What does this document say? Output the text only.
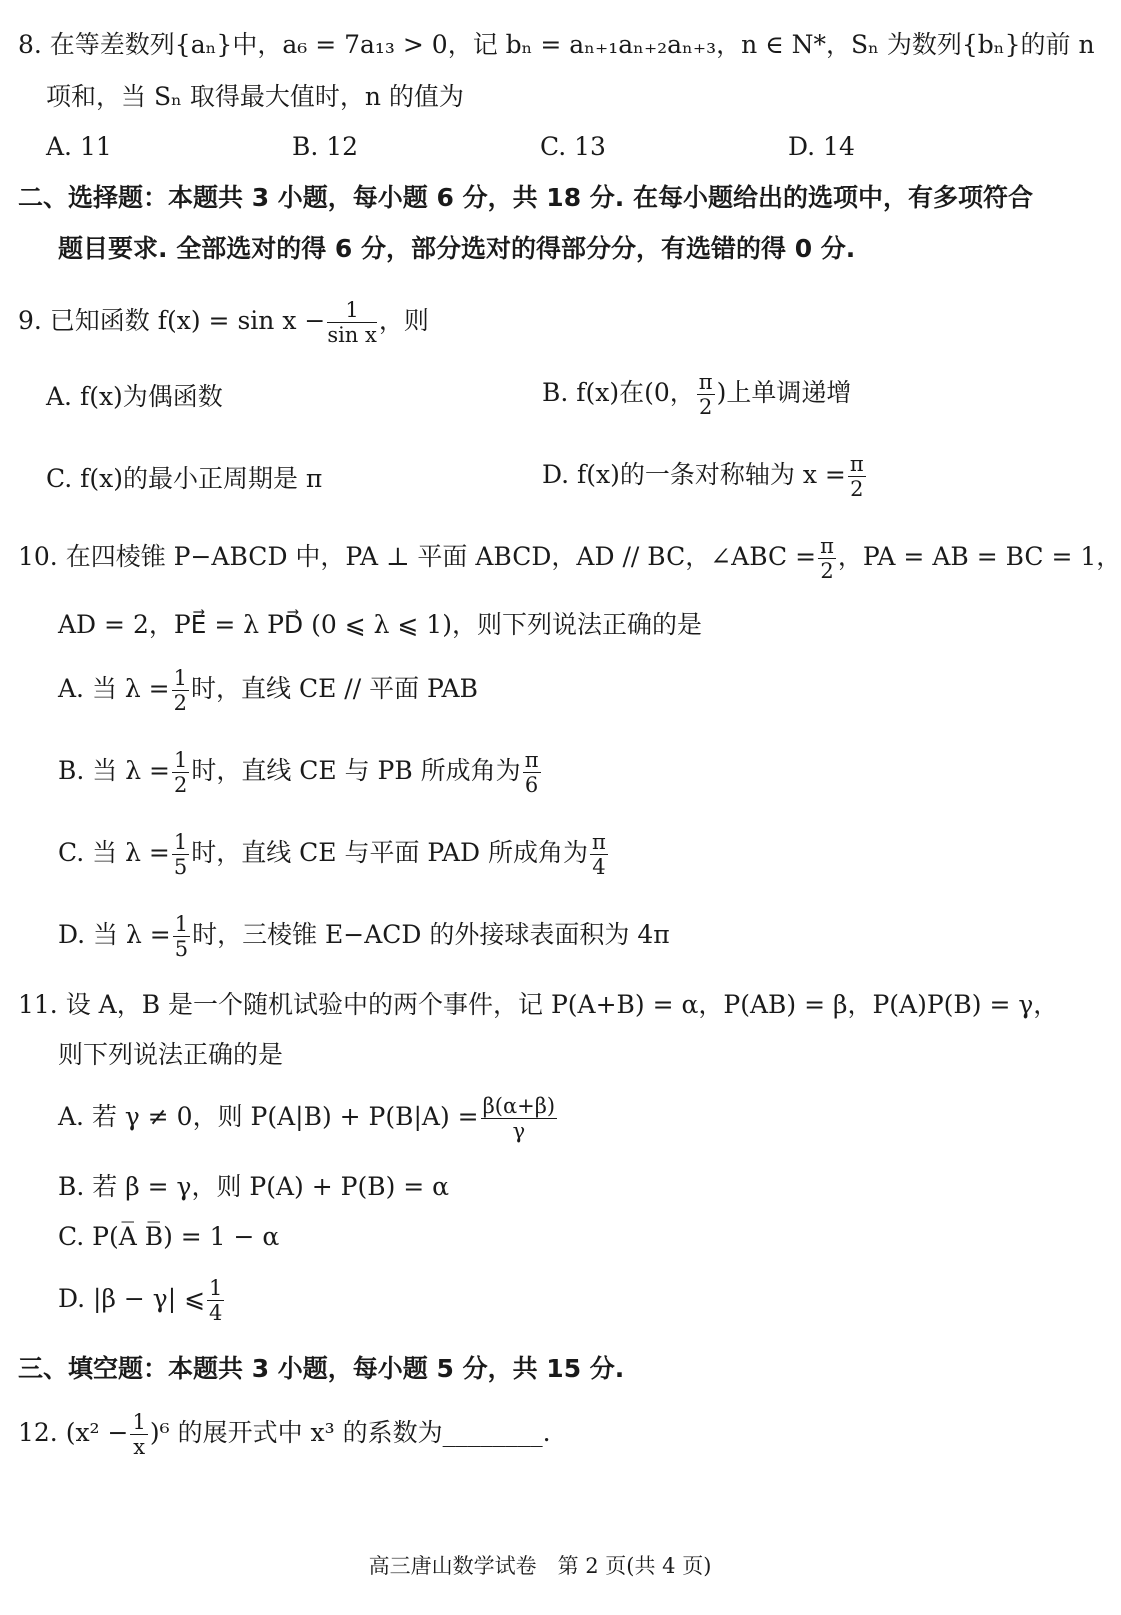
8. 在等差数列{aₙ}中，a₆ = 7a₁₃ > 0，记 bₙ = aₙ₊₁aₙ₊₂aₙ₊₃，n ∈ N*，Sₙ 为数列{bₙ}的前 n
项和，当 Sₙ 取得最大值时，n 的值为
A. 11	B. 12	C. 13	D. 14
二、选择题：本题共 3 小题，每小题 6 分，共 18 分. 在每小题给出的选项中，有多项符合
题目要求. 全部选对的得 6 分，部分选对的得部分分，有选错的得 0 分.
9. 已知函数 $f(x) = \sin x - \frac{1}{\text{sin x}}$ ，则
A. f(x)为偶函数	B. f(x)在(0， $\frac{\pi}{2}$ )上单调递增
C. f(x)的最小正周期是 π	D. f(x)的一条对称轴为 $x = \frac{\pi}{2}$
10. 在四棱锥 P−ABCD 中，PA ⊥ 平面 ABCD，AD // BC，∠ABC = $\frac{\pi}{2}$ ，PA = AB = BC = 1，
AD = 2，PE⃗ = λ PD⃗ (0 ⩽ λ ⩽ 1)，则下列说法正确的是
A. 当 $\lambda = \frac{1}{2}$ 时，直线 CE // 平面 PAB
B. 当 $\lambda = \frac{1}{2}$ 时，直线 CE 与 PB 所成角为 $\frac{\pi}{6}$
C. 当 $\lambda = \frac{1}{5}$ 时，直线 CE 与平面 PAD 所成角为 $\frac{\pi}{4}$
D. 当 $\lambda = \frac{1}{5}$ 时，三棱锥 E−ACD 的外接球表面积为 4π
11. 设 A，B 是一个随机试验中的两个事件，记 P(A+B) = α，P(AB) = β，P(A)P(B) = γ，
则下列说法正确的是
A. 若 γ ≠ 0，则 $P(A|B) + P(B|A) = \frac{\beta(\alpha+\beta)}{\gamma}$
B. 若 β = γ，则 P(A) + P(B) = α
C. P(A̅ B̅) = 1 − α
D. |β − γ| ⩽ $\frac{1}{4}$
三、填空题：本题共 3 小题，每小题 5 分，共 15 分.
12. $(x^2 - \frac{1}{x} )^6$ 的展开式中 x³ 的系数为________.
高三唐山数学试卷　第 2 页(共 4 页)
